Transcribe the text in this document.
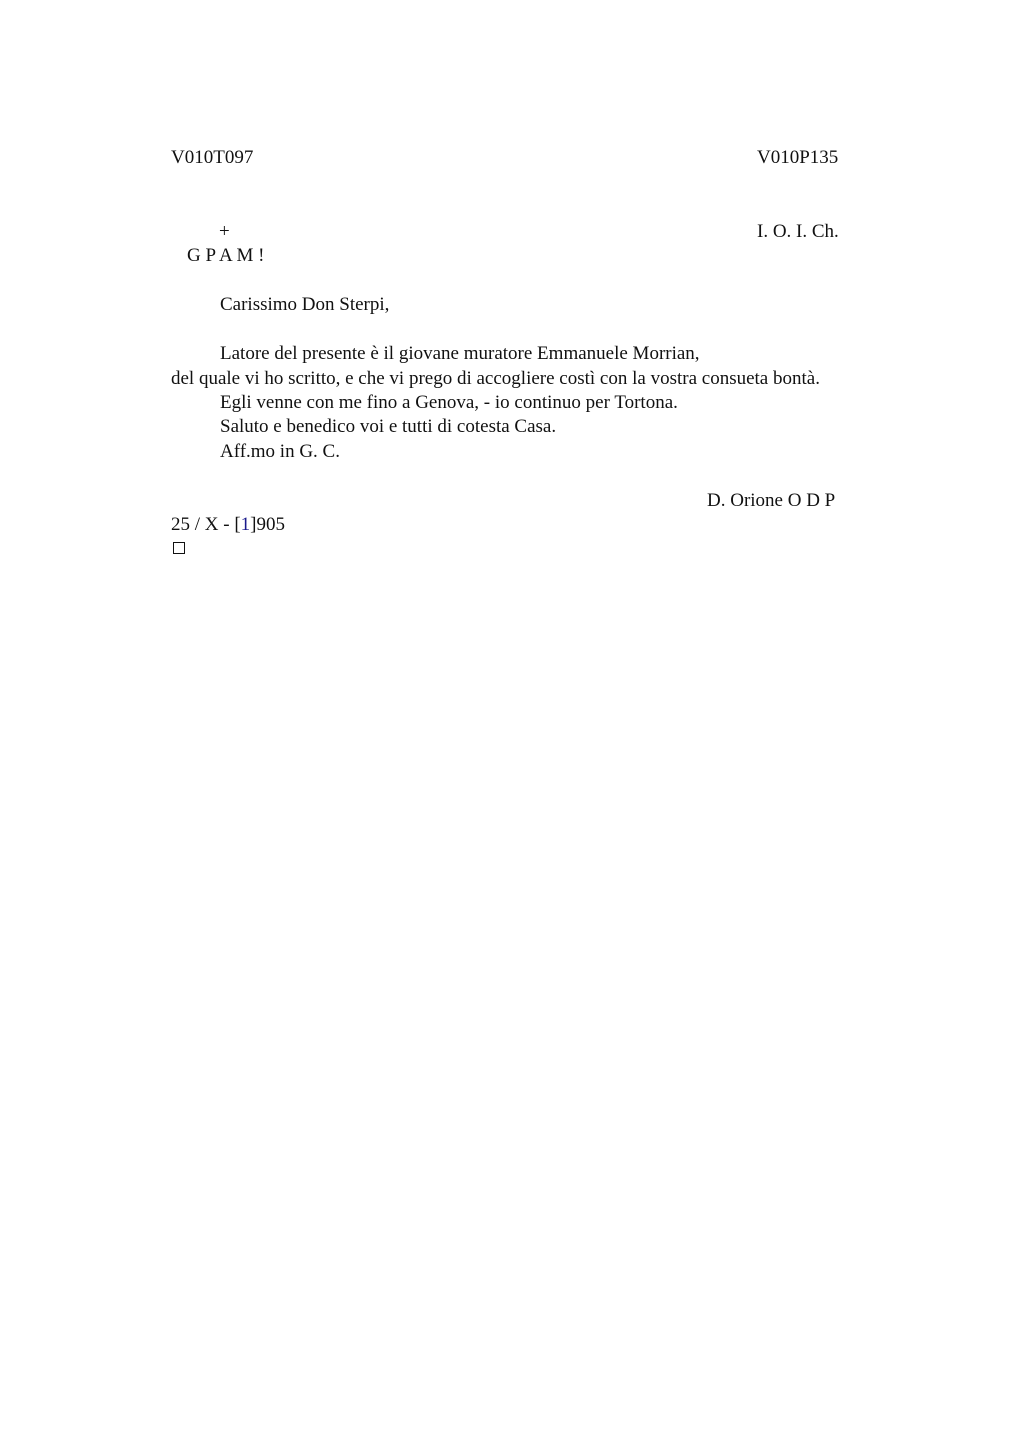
V010T097	V010P135
+	I. O. I. Ch.
G P A M !
Carissimo Don Sterpi,
Latore del presente è il giovane muratore Emmanuele Morrian,
del quale vi ho scritto, e che vi prego di accogliere costì con la vostra consueta bontà.
Egli venne con me fino a Genova, - io continuo per Tortona.
Saluto e benedico voi e tutti di cotesta Casa.
Aff.mo in G. C.
D. Orione O D P
25 / X - [1]905
